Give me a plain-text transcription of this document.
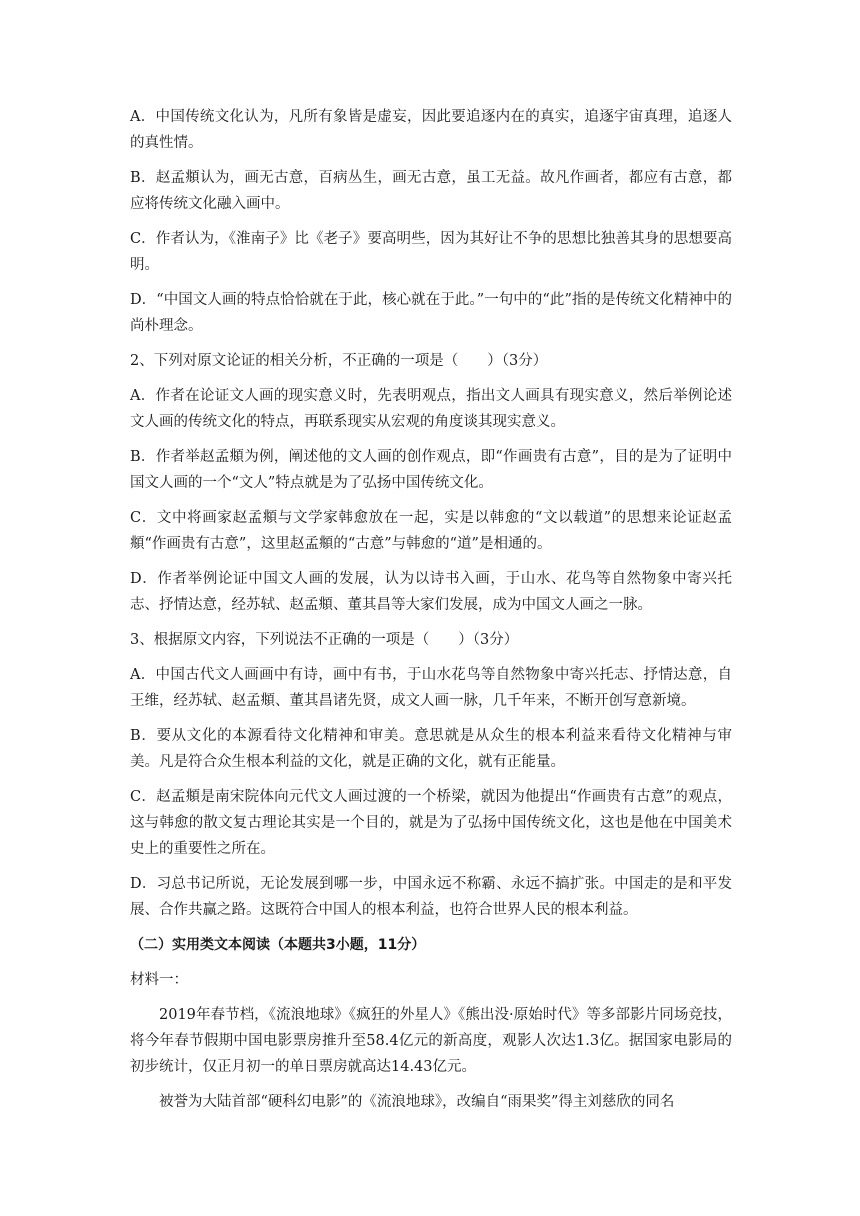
A．中国传统文化认为，凡所有象皆是虚妄，因此要追逐内在的真实，追逐宇宙真理，追逐人的真性情。

B．赵孟頫认为，画无古意，百病丛生，画无古意，虽工无益。故凡作画者，都应有古意，都应将传统文化融入画中。

C．作者认为，《淮南子》比《老子》要高明些，因为其好让不争的思想比独善其身的思想要高明。

D．“中国文人画的特点恰恰就在于此，核心就在于此。”一句中的“此”指的是传统文化精神中的尚朴理念。

2、下列对原文论证的相关分析，不正确的一项是（　　）（3分）

A．作者在论证文人画的现实意义时，先表明观点，指出文人画具有现实意义，然后举例论述文人画的传统文化的特点，再联系现实从宏观的角度谈其现实意义。

B．作者举赵孟頫为例，阐述他的文人画的创作观点，即“作画贵有古意”，目的是为了证明中国文人画的一个“文人”特点就是为了弘扬中国传统文化。

C．文中将画家赵孟頫与文学家韩愈放在一起，实是以韩愈的“文以载道”的思想来论证赵孟頫“作画贵有古意”，这里赵孟頫的“古意”与韩愈的“道”是相通的。

D．作者举例论证中国文人画的发展，认为以诗书入画，于山水、花鸟等自然物象中寄兴托志、抒情达意，经苏轼、赵孟頫、董其昌等大家们发展，成为中国文人画之一脉。

3、根据原文内容，下列说法不正确的一项是（　　）（3分）

A．中国古代文人画画中有诗，画中有书，于山水花鸟等自然物象中寄兴托志、抒情达意，自王维，经苏轼、赵孟頫、董其昌诸先贤，成文人画一脉，几千年来，不断开创写意新境。

B．要从文化的本源看待文化精神和审美。意思就是从众生的根本利益来看待文化精神与审美。凡是符合众生根本利益的文化，就是正确的文化，就有正能量。

C．赵孟頫是南宋院体向元代文人画过渡的一个桥梁，就因为他提出“作画贵有古意”的观点，这与韩愈的散文复古理论其实是一个目的，就是为了弘扬中国传统文化，这也是他在中国美术史上的重要性之所在。

D．习总书记所说，无论发展到哪一步，中国永远不称霸、永远不搞扩张。中国走的是和平发展、合作共赢之路。这既符合中国人的根本利益，也符合世界人民的根本利益。

（二）实用类文本阅读（本题共3小题，11分）

材料一：

2019年春节档，《流浪地球》《疯狂的外星人》《熊出没·原始时代》等多部影片同场竞技，将今年春节假期中国电影票房推升至58.4亿元的新高度，观影人次达1.3亿。据国家电影局的初步统计，仅正月初一的单日票房就高达14.43亿元。

被誉为大陆首部“硬科幻电影”的《流浪地球》，改编自“雨果奖”得主刘慈欣的同名
